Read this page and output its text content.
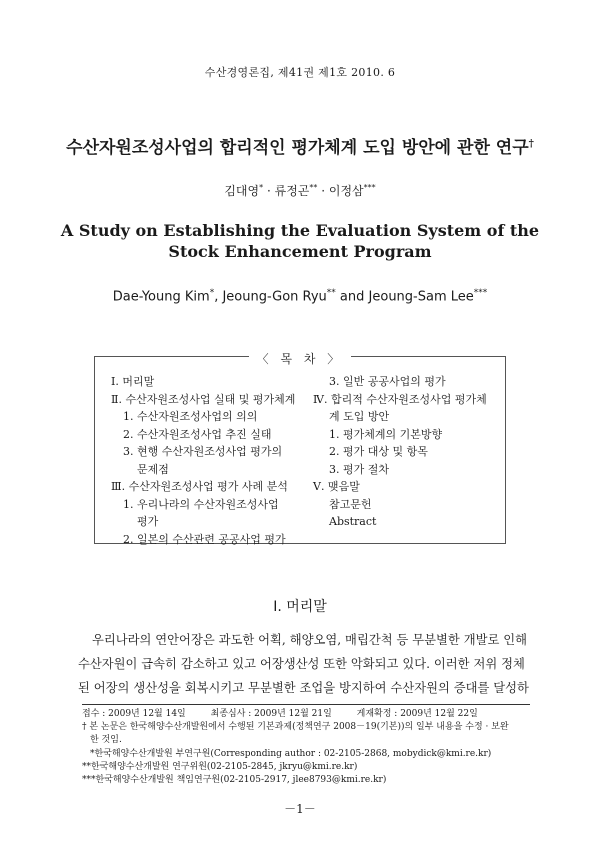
수산경영론집, 제41권 제1호 2010. 6
수산자원조성사업의 합리적인 평가체계 도입 방안에 관한 연구†
김대영* · 류정곤** · 이정삼***
A Study on Establishing the Evaluation System of the
Stock Enhancement Program
Dae-Young Kim*, Jeoung-Gon Ryu** and Jeoung-Sam Lee***
〈 목 차 〉
Ⅰ. 머리말
Ⅱ. 수산자원조성사업 실태 및 평가체계
1. 수산자원조성사업의 의의
2. 수산자원조성사업 추진 실태
3. 현행 수산자원조성사업 평가의
문제점
Ⅲ. 수산자원조성사업 평가 사례 분석
1. 우리나라의 수산자원조성사업
평가
2. 일본의 수산관련 공공사업 평가
3. 일반 공공사업의 평가
Ⅳ. 합리적 수산자원조성사업 평가체
계 도입 방안
1. 평가체계의 기본방향
2. 평가 대상 및 항목
3. 평가 절차
Ⅴ. 맺음말
참고문헌
Abstract
Ⅰ. 머리말
우리나라의 연안어장은 과도한 어획, 해양오염, 매립간척 등 무분별한 개발로 인해
수산자원이 급속히 감소하고 있고 어장생산성 또한 악화되고 있다. 이러한 저위 정체
된 어장의 생산성을 회복시키고 무분별한 조업을 방지하여 수산자원의 증대를 달성하
접수 : 2009년 12월 14일	최종심사 : 2009년 12월 21일	게재확정 : 2009년 12월 22일
† 본 논문은 한국해양수산개발원에서 수행된 기본과제(정책연구 2008－19(기본))의 일부 내용을 수정 · 보완
한 것임.
*한국해양수산개발원 부연구원(Corresponding author : 02-2105-2868, mobydick@kmi.re.kr)
**한국해양수산개발원 연구위원(02-2105-2845, jkryu@kmi.re.kr)
***한국해양수산개발원 책임연구원(02-2105-2917, jlee8793@kmi.re.kr)
－1－
